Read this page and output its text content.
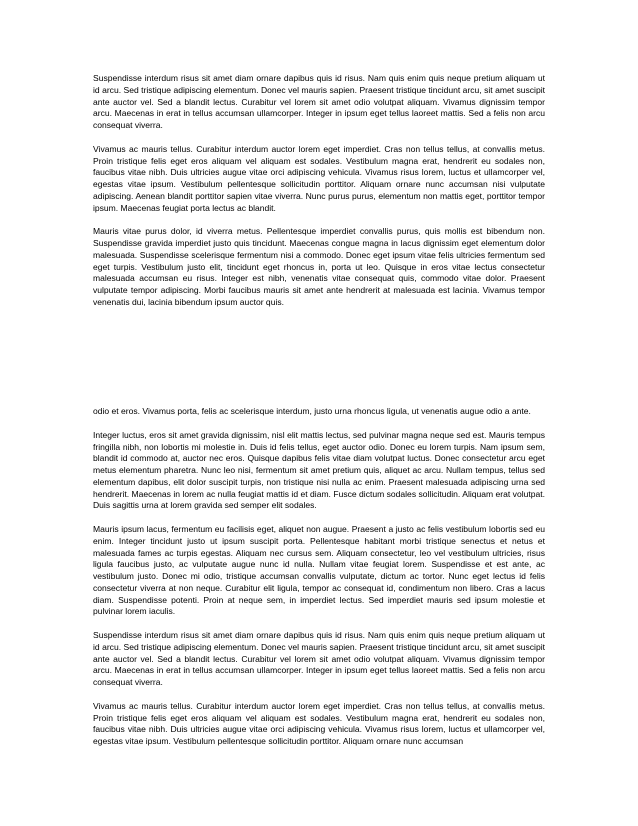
Suspendisse interdum risus sit amet diam ornare dapibus quis id risus. Nam quis enim quis neque pretium aliquam ut id arcu. Sed tristique adipiscing elementum. Donec vel mauris sapien. Praesent tristique tincidunt arcu, sit amet suscipit ante auctor vel. Sed a blandit lectus. Curabitur vel lorem sit amet odio volutpat aliquam. Vivamus dignissim tempor arcu. Maecenas in erat in tellus accumsan ullamcorper. Integer in ipsum eget tellus laoreet mattis. Sed a felis non arcu consequat viverra.

Vivamus ac mauris tellus. Curabitur interdum auctor lorem eget imperdiet. Cras non tellus tellus, at convallis metus. Proin tristique felis eget eros aliquam vel aliquam est sodales. Vestibulum magna erat, hendrerit eu sodales non, faucibus vitae nibh. Duis ultricies augue vitae orci adipiscing vehicula. Vivamus risus lorem, luctus et ullamcorper vel, egestas vitae ipsum. Vestibulum pellentesque sollicitudin porttitor. Aliquam ornare nunc accumsan nisi vulputate adipiscing. Aenean blandit porttitor sapien vitae viverra. Nunc purus purus, elementum non mattis eget, porttitor tempor ipsum. Maecenas feugiat porta lectus ac blandit.

Mauris vitae purus dolor, id viverra metus. Pellentesque imperdiet convallis purus, quis mollis est bibendum non. Suspendisse gravida imperdiet justo quis tincidunt. Maecenas congue magna in lacus dignissim eget elementum dolor malesuada. Suspendisse scelerisque fermentum nisi a commodo. Donec eget ipsum vitae felis ultricies fermentum sed eget turpis. Vestibulum justo elit, tincidunt eget rhoncus in, porta ut leo. Quisque in eros vitae lectus consectetur malesuada accumsan eu risus. Integer est nibh, venenatis vitae consequat quis, commodo vitae dolor. Praesent vulputate tempor adipiscing. Morbi faucibus mauris sit amet ante hendrerit at malesuada est lacinia. Vivamus tempor venenatis dui, lacinia bibendum ipsum auctor quis.

odio et eros. Vivamus porta, felis ac scelerisque interdum, justo urna rhoncus ligula, ut venenatis augue odio a ante.

Integer luctus, eros sit amet gravida dignissim, nisl elit mattis lectus, sed pulvinar magna neque sed est. Mauris tempus fringilla nibh, non lobortis mi molestie in. Duis id felis tellus, eget auctor odio. Donec eu lorem turpis. Nam ipsum sem, blandit id commodo at, auctor nec eros. Quisque dapibus felis vitae diam volutpat luctus. Donec consectetur arcu eget metus elementum pharetra. Nunc leo nisi, fermentum sit amet pretium quis, aliquet ac arcu. Nullam tempus, tellus sed elementum dapibus, elit dolor suscipit turpis, non tristique nisi nulla ac enim. Praesent malesuada adipiscing urna sed hendrerit. Maecenas in lorem ac nulla feugiat mattis id et diam. Fusce dictum sodales sollicitudin. Aliquam erat volutpat. Duis sagittis urna at lorem gravida sed semper elit sodales.

Mauris ipsum lacus, fermentum eu facilisis eget, aliquet non augue. Praesent a justo ac felis vestibulum lobortis sed eu enim. Integer tincidunt justo ut ipsum suscipit porta. Pellentesque habitant morbi tristique senectus et netus et malesuada fames ac turpis egestas. Aliquam nec cursus sem. Aliquam consectetur, leo vel vestibulum ultricies, risus ligula faucibus justo, ac vulputate augue nunc id nulla. Nullam vitae feugiat lorem. Suspendisse et est ante, ac vestibulum justo. Donec mi odio, tristique accumsan convallis vulputate, dictum ac tortor. Nunc eget lectus id felis consectetur viverra at non neque. Curabitur elit ligula, tempor ac consequat id, condimentum non libero. Cras a lacus diam. Suspendisse potenti. Proin at neque sem, in imperdiet lectus. Sed imperdiet mauris sed ipsum molestie et pulvinar lorem iaculis.

Suspendisse interdum risus sit amet diam ornare dapibus quis id risus. Nam quis enim quis neque pretium aliquam ut id arcu. Sed tristique adipiscing elementum. Donec vel mauris sapien. Praesent tristique tincidunt arcu, sit amet suscipit ante auctor vel. Sed a blandit lectus. Curabitur vel lorem sit amet odio volutpat aliquam. Vivamus dignissim tempor arcu. Maecenas in erat in tellus accumsan ullamcorper. Integer in ipsum eget tellus laoreet mattis. Sed a felis non arcu consequat viverra.

Vivamus ac mauris tellus. Curabitur interdum auctor lorem eget imperdiet. Cras non tellus tellus, at convallis metus. Proin tristique felis eget eros aliquam vel aliquam est sodales. Vestibulum magna erat, hendrerit eu sodales non, faucibus vitae nibh. Duis ultricies augue vitae orci adipiscing vehicula. Vivamus risus lorem, luctus et ullamcorper vel, egestas vitae ipsum. Vestibulum pellentesque sollicitudin porttitor. Aliquam ornare nunc accumsan
